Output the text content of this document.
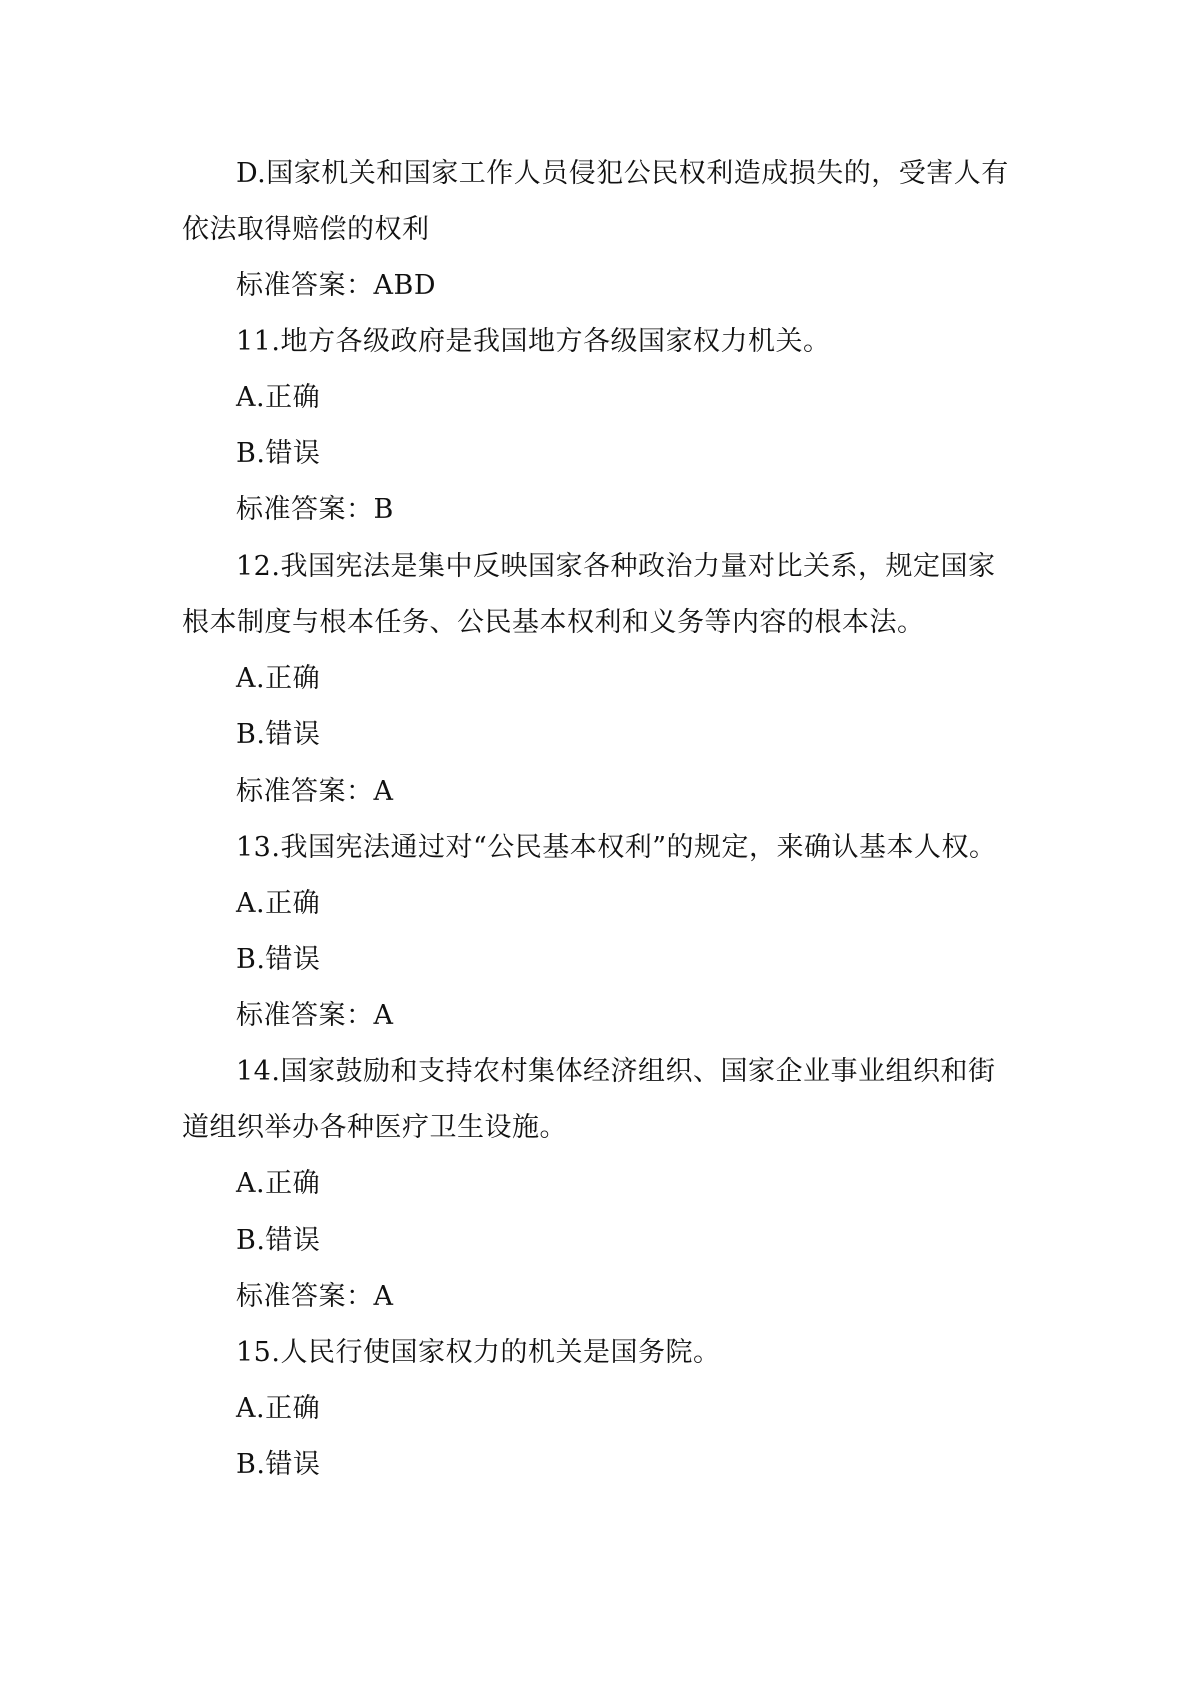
D.国家机关和国家工作人员侵犯公民权利造成损失的，受害人有
依法取得赔偿的权利
标准答案：ABD
11.地方各级政府是我国地方各级国家权力机关。
A.正确
B.错误
标准答案：B
12.我国宪法是集中反映国家各种政治力量对比关系，规定国家
根本制度与根本任务、公民基本权利和义务等内容的根本法。
A.正确
B.错误
标准答案：A
13.我国宪法通过对“公民基本权利”的规定，来确认基本人权。
A.正确
B.错误
标准答案：A
14.国家鼓励和支持农村集体经济组织、国家企业事业组织和街
道组织举办各种医疗卫生设施。
A.正确
B.错误
标准答案：A
15.人民行使国家权力的机关是国务院。
A.正确
B.错误
